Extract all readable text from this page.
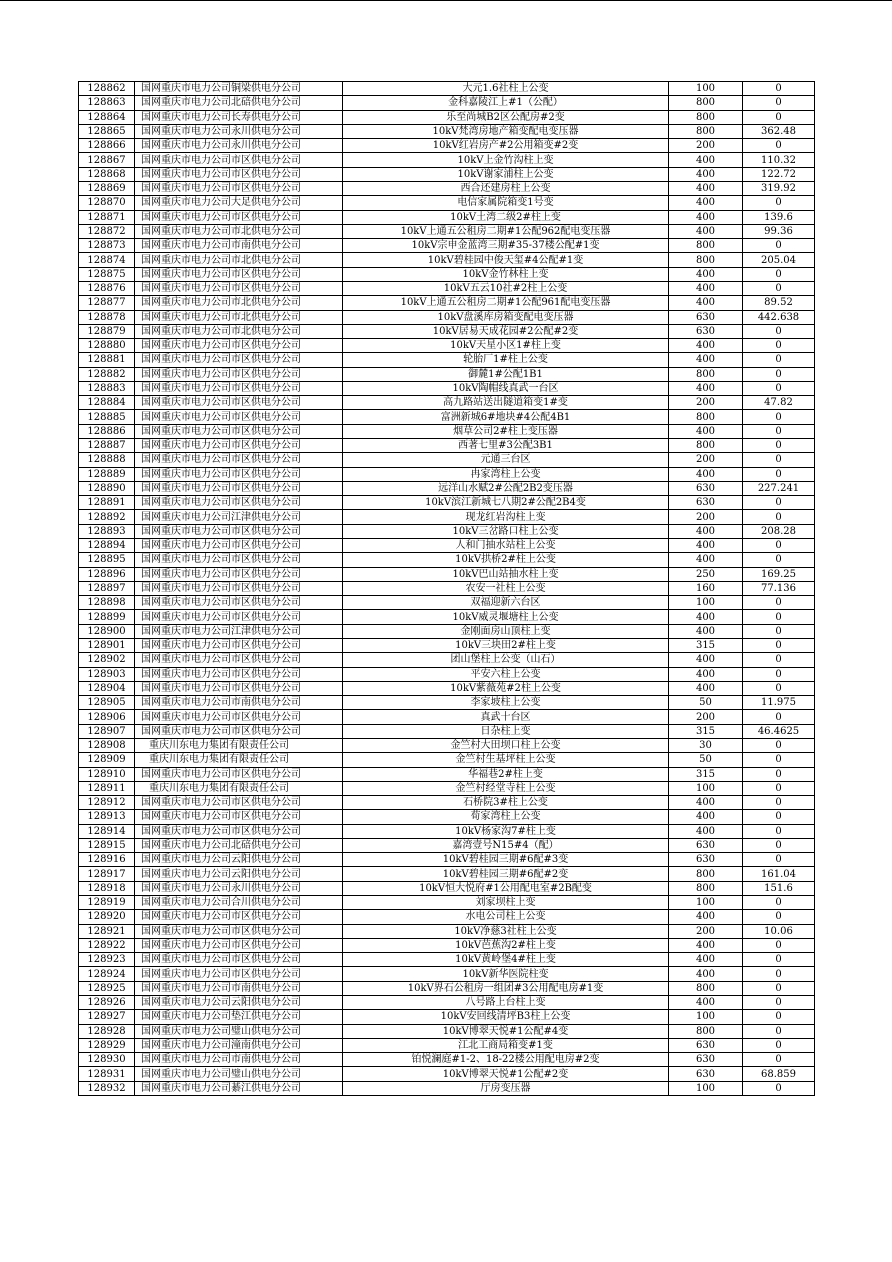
128862	国网重庆市电力公司铜梁供电分公司	大元1.6社柱上公变	100	0
128863	国网重庆市电力公司北碚供电分公司	金科嘉陵江上#1（公配）	800	0
128864	国网重庆市电力公司长寿供电分公司	乐至尚城B2区公配房#2变	800	0
128865	国网重庆市电力公司永川供电分公司	10kV梵湾房地产箱变配电变压器	800	362.48
128866	国网重庆市电力公司永川供电分公司	10kV红岩房产#2公用箱变#2变	200	0
128867	国网重庆市电力公司市区供电分公司	10kV上金竹沟柱上变	400	110.32
128868	国网重庆市电力公司市区供电分公司	10kV谢家浦柱上公变	400	122.72
128869	国网重庆市电力公司市区供电分公司	西合还建房柱上公变	400	319.92
128870	国网重庆市电力公司大足供电分公司	电信家属院箱变1号变	400	0
128871	国网重庆市电力公司市区供电分公司	10kV土湾二级2#柱上变	400	139.6
128872	国网重庆市电力公司市北供电分公司	10kV上通五公租房二期#1公配962配电变压器	400	99.36
128873	国网重庆市电力公司市南供电分公司	10kV宗申金蓝湾三期#35-37楼公配#1变	800	0
128874	国网重庆市电力公司市北供电分公司	10kV碧桂园中俊天玺#4公配#1变	800	205.04
128875	国网重庆市电力公司市区供电分公司	10kV金竹林柱上变	400	0
128876	国网重庆市电力公司市区供电分公司	10kV五云10社#2柱上公变	400	0
128877	国网重庆市电力公司市北供电分公司	10kV上通五公租房二期#1公配961配电变压器	400	89.52
128878	国网重庆市电力公司市北供电分公司	10kV盘溪库房箱变配电变压器	630	442.638
128879	国网重庆市电力公司市北供电分公司	10kV居易天成花园#2公配#2变	630	0
128880	国网重庆市电力公司市区供电分公司	10kV天星小区1#柱上变	400	0
128881	国网重庆市电力公司市区供电分公司	轮胎厂1#柱上公变	400	0
128882	国网重庆市电力公司市区供电分公司	御麓1#公配1B1	800	0
128883	国网重庆市电力公司市区供电分公司	10kV陶帽线真武一台区	400	0
128884	国网重庆市电力公司市区供电分公司	高九路站送出隧道箱变1#变	200	47.82
128885	国网重庆市电力公司市区供电分公司	富洲新城6#地块#4公配4B1	800	0
128886	国网重庆市电力公司市区供电分公司	烟草公司2#柱上变压器	400	0
128887	国网重庆市电力公司市区供电分公司	西著七里#3公配3B1	800	0
128888	国网重庆市电力公司市区供电分公司	元通三台区	200	0
128889	国网重庆市电力公司市区供电分公司	冉家湾柱上公变	400	0
128890	国网重庆市电力公司市区供电分公司	远洋山水赋2#公配2B2变压器	630	227.241
128891	国网重庆市电力公司市区供电分公司	10kV滨江新城七八期2#公配2B4变	630	0
128892	国网重庆市电力公司江津供电分公司	现龙红岩沟柱上变	200	0
128893	国网重庆市电力公司市区供电分公司	10kV三岔路口柱上公变	400	208.28
128894	国网重庆市电力公司市区供电分公司	人和门抽水站柱上公变	400	0
128895	国网重庆市电力公司市区供电分公司	10kV拱桥2#柱上公变	400	0
128896	国网重庆市电力公司市区供电分公司	10kV巴山站抽水柱上变	250	169.25
128897	国网重庆市电力公司市区供电分公司	农安一社柱上公变	160	77.136
128898	国网重庆市电力公司市区供电分公司	双福迎新六台区	100	0
128899	国网重庆市电力公司市区供电分公司	10kV威灵堰塘柱上公变	400	0
128900	国网重庆市电力公司江津供电分公司	金刚面房山顶柱上变	400	0
128901	国网重庆市电力公司市区供电分公司	10kV三块田2#柱上变	315	0
128902	国网重庆市电力公司市区供电分公司	团山堡柱上公变（山石）	400	0
128903	国网重庆市电力公司市区供电分公司	平安六柱上公变	400	0
128904	国网重庆市电力公司市区供电分公司	10kV紫薇苑#2柱上公变	400	0
128905	国网重庆市电力公司市南供电分公司	李家坡柱上公变	50	11.975
128906	国网重庆市电力公司市区供电分公司	真武十台区	200	0
128907	国网重庆市电力公司市区供电分公司	日杂柱上变	315	46.4625
128908	重庆川东电力集团有限责任公司	金竺村大田坝口柱上公变	30	0
128909	重庆川东电力集团有限责任公司	金竺村生基坪柱上公变	50	0
128910	国网重庆市电力公司市区供电分公司	华福巷2#柱上变	315	0
128911	重庆川东电力集团有限责任公司	金竺村经堂寺柱上公变	100	0
128912	国网重庆市电力公司市区供电分公司	石桥院3#柱上公变	400	0
128913	国网重庆市电力公司市区供电分公司	荀家湾柱上公变	400	0
128914	国网重庆市电力公司市区供电分公司	10kV杨家沟7#柱上变	400	0
128915	国网重庆市电力公司北碚供电分公司	嘉湾壹号N15#4（配）	630	0
128916	国网重庆市电力公司云阳供电分公司	10kV碧桂园三期#6配#3变	630	0
128917	国网重庆市电力公司云阳供电分公司	10kV碧桂园三期#6配#2变	800	161.04
128918	国网重庆市电力公司永川供电分公司	10kV恒大悦府#1公用配电室#2B配变	800	151.6
128919	国网重庆市电力公司合川供电分公司	刘家坝柱上变	100	0
128920	国网重庆市电力公司市区供电分公司	水电公司柱上公变	400	0
128921	国网重庆市电力公司市区供电分公司	10kV净慈3社柱上公变	200	10.06
128922	国网重庆市电力公司市区供电分公司	10kV芭蕉沟2#柱上变	400	0
128923	国网重庆市电力公司市区供电分公司	10kV黄岭堡4#柱上变	400	0
128924	国网重庆市电力公司市区供电分公司	10kV新华医院柱变	400	0
128925	国网重庆市电力公司市南供电分公司	10kV界石公租房一组团#3公用配电房#1变	800	0
128926	国网重庆市电力公司云阳供电分公司	八号路上台柱上变	400	0
128927	国网重庆市电力公司垫江供电分公司	10kV安回线清坪B3柱上公变	100	0
128928	国网重庆市电力公司璧山供电分公司	10kV博翠天悦#1公配#4变	800	0
128929	国网重庆市电力公司潼南供电分公司	江北工商局箱变#1变	630	0
128930	国网重庆市电力公司市南供电分公司	铂悦澜庭#1-2、18-22楼公用配电房#2变	630	0
128931	国网重庆市电力公司璧山供电分公司	10kV博翠天悦#1公配#2变	630	68.859
128932	国网重庆市电力公司綦江供电分公司	厅房变压器	100	0
